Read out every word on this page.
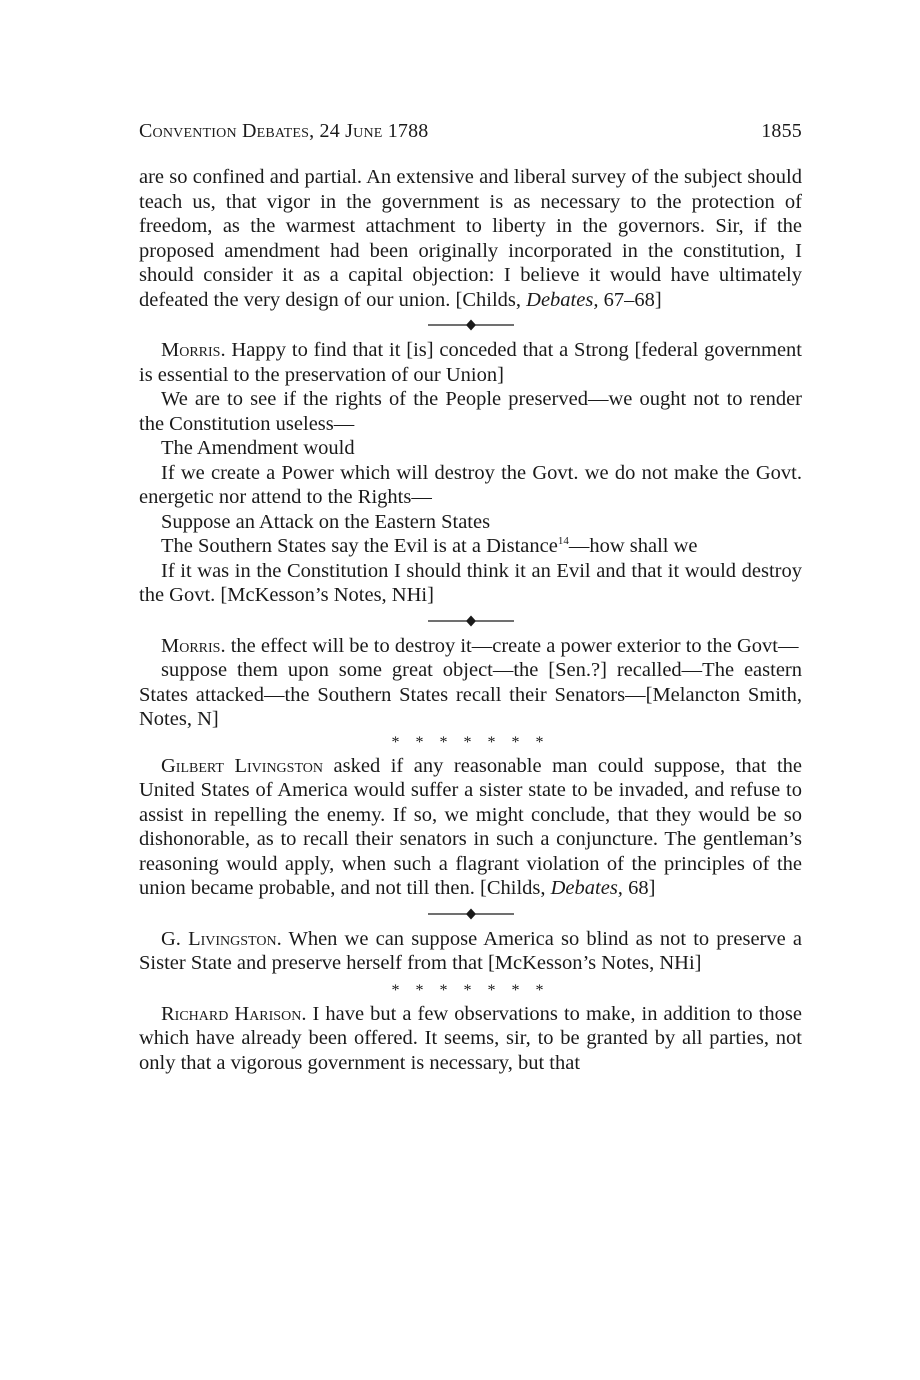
Convention Debates, 24 June 1788	1855

are so confined and partial. An extensive and liberal survey of the subject should teach us, that vigor in the government is as necessary to the protection of freedom, as the warmest attachment to liberty in the governors. Sir, if the proposed amendment had been originally incorporated in the constitution, I should consider it as a capital objection: I believe it would have ultimately defeated the very design of our union. [Childs, Debates, 67–68]

Morris. Happy to find that it [is] conceded that a Strong [federal government is essential to the preservation of our Union]

We are to see if the rights of the People preserved—we ought not to render the Constitution useless—

The Amendment would

If we create a Power which will destroy the Govt. we do not make the Govt. energetic nor attend to the Rights—

Suppose an Attack on the Eastern States

The Southern States say the Evil is at a Distance$^{14}$—how shall we

If it was in the Constitution I should think it an Evil and that it would destroy the Govt. [McKesson’s Notes, NHi]

Morris. the effect will be to destroy it—create a power exterior to the Govt—

suppose them upon some great object—the [Sen.?] recalled—The eastern States attacked—the Southern States recall their Senators—[Melancton Smith, Notes, N]

* * * * * * *

Gilbert Livingston asked if any reasonable man could suppose, that the United States of America would suffer a sister state to be invaded, and refuse to assist in repelling the enemy. If so, we might conclude, that they would be so dishonorable, as to recall their senators in such a conjuncture. The gentleman’s reasoning would apply, when such a flagrant violation of the principles of the union became probable, and not till then. [Childs, Debates, 68]

G. Livingston. When we can suppose America so blind as not to preserve a Sister State and preserve herself from that [McKesson’s Notes, NHi]

* * * * * * *

Richard Harison. I have but a few observations to make, in addition to those which have already been offered. It seems, sir, to be granted by all parties, not only that a vigorous government is necessary, but that
